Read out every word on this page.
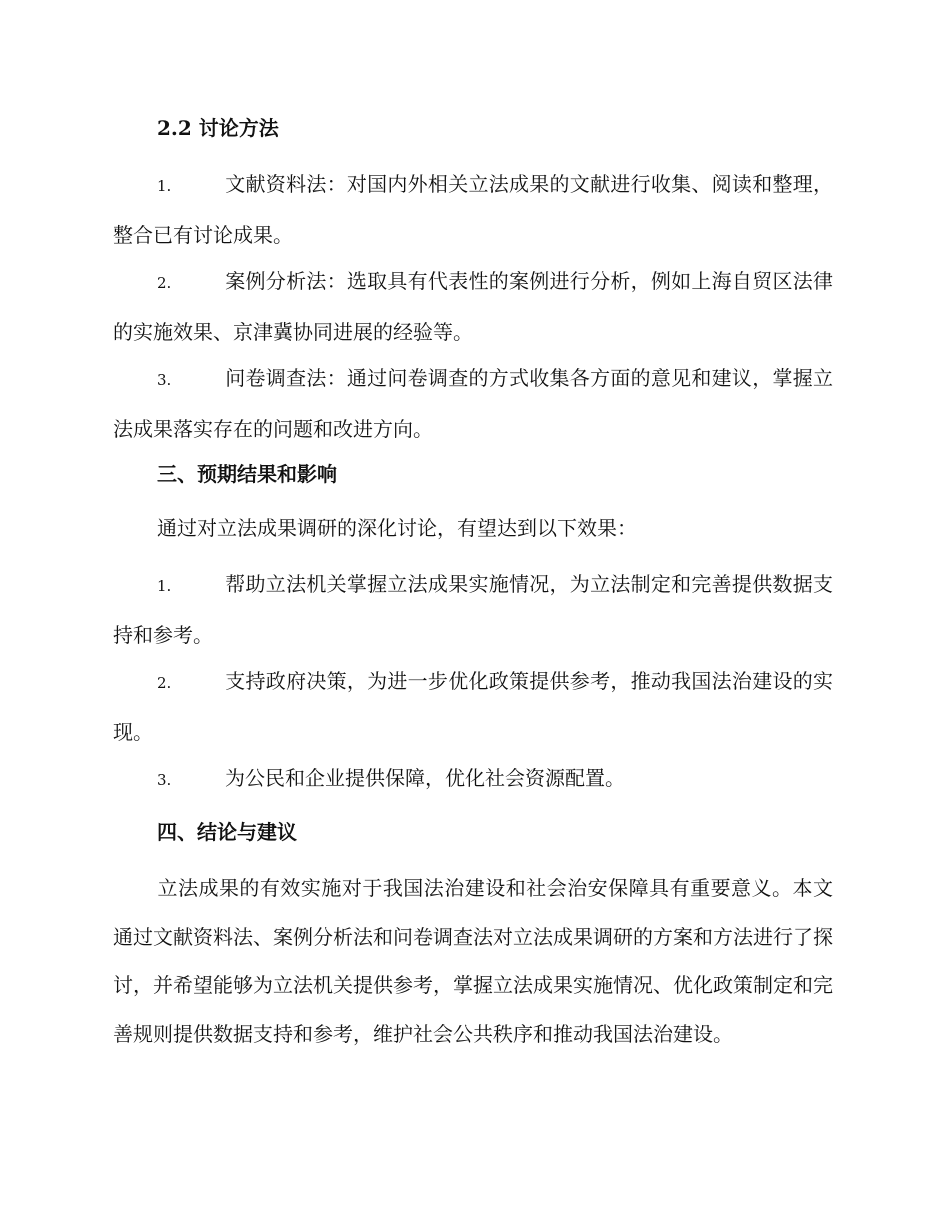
2.2 讨论方法
1.	文献资料法：对国内外相关立法成果的文献进行收集、阅读和整理，整合已有讨论成果。
2.	案例分析法：选取具有代表性的案例进行分析，例如上海自贸区法律的实施效果、京津冀协同进展的经验等。
3.	问卷调查法：通过问卷调查的方式收集各方面的意见和建议，掌握立法成果落实存在的问题和改进方向。
三、预期结果和影响
通过对立法成果调研的深化讨论，有望达到以下效果：
1.	帮助立法机关掌握立法成果实施情况，为立法制定和完善提供数据支持和参考。
2.	支持政府决策，为进一步优化政策提供参考，推动我国法治建设的实现。
3.	为公民和企业提供保障，优化社会资源配置。
四、结论与建议
立法成果的有效实施对于我国法治建设和社会治安保障具有重要意义。本文通过文献资料法、案例分析法和问卷调查法对立法成果调研的方案和方法进行了探讨，并希望能够为立法机关提供参考，掌握立法成果实施情况、优化政策制定和完善规则提供数据支持和参考，维护社会公共秩序和推动我国法治建设。
